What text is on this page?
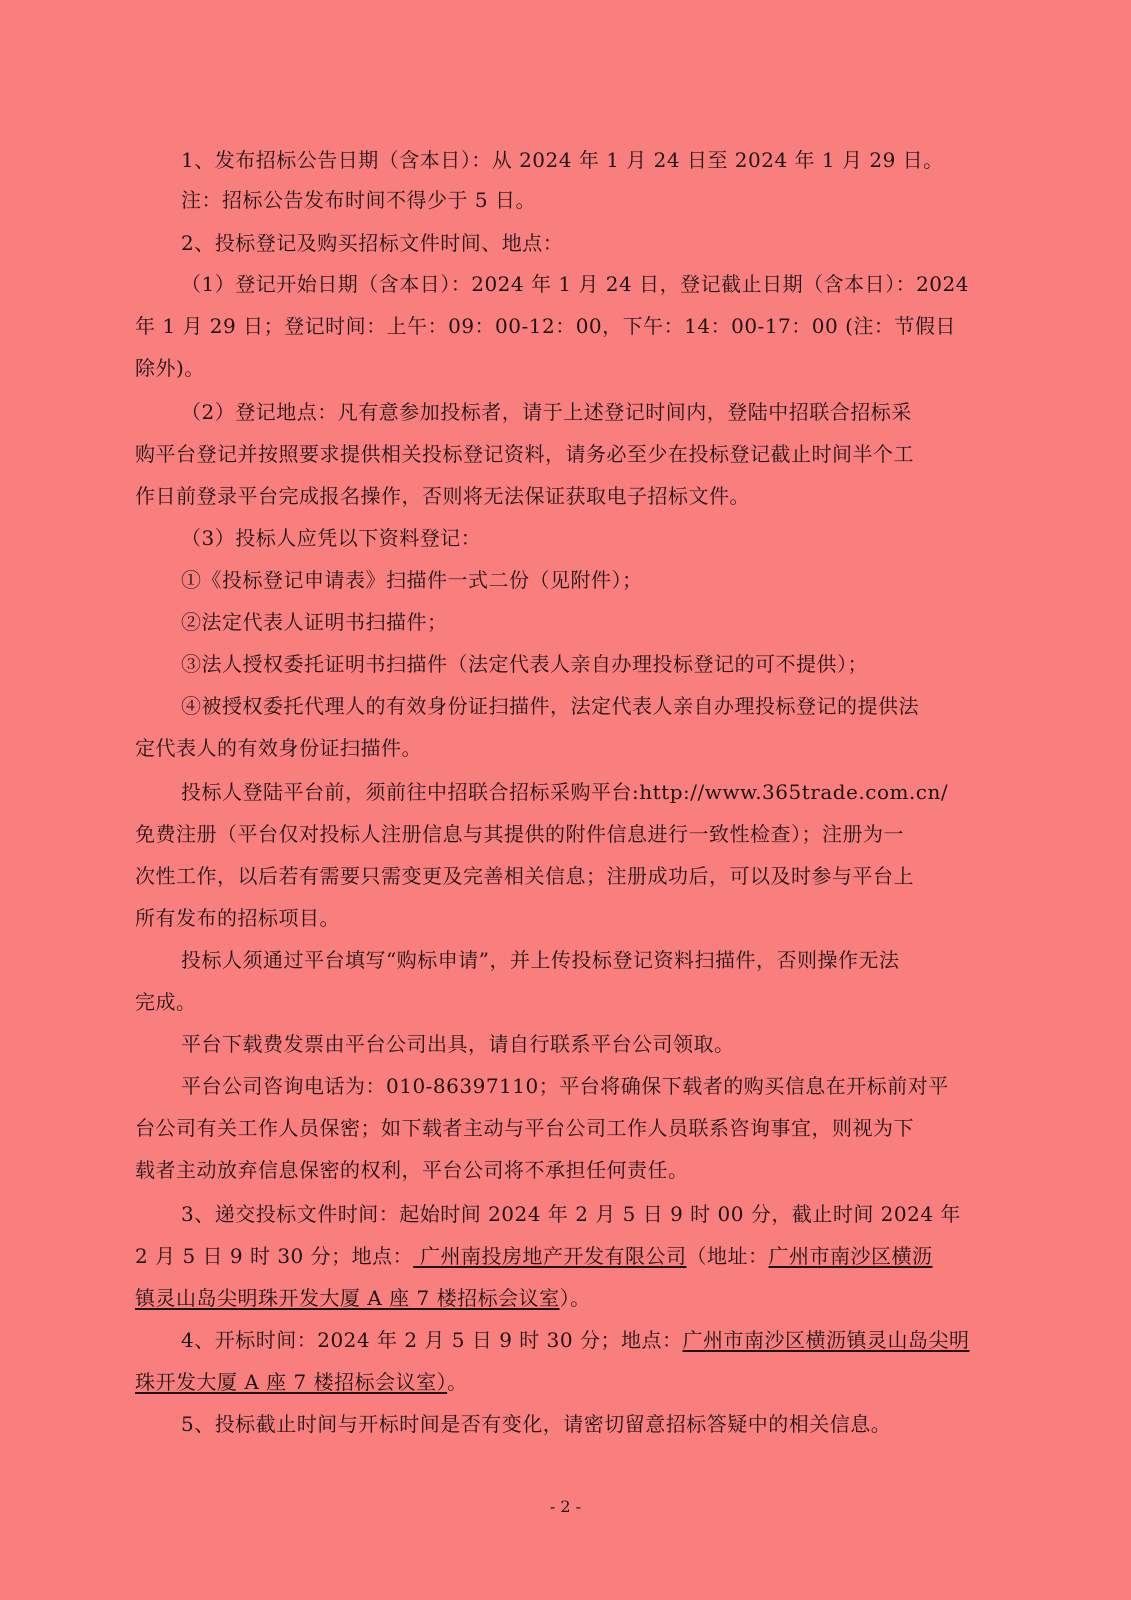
1、发布招标公告日期（含本日）：从 2024 年 1 月 24 日至 2024 年 1 月 29 日。
注：招标公告发布时间不得少于 5 日。
2、投标登记及购买招标文件时间、地点：
（1）登记开始日期（含本日）：2024 年 1 月 24 日，登记截止日期（含本日）：2024
年 1 月 29 日；登记时间：上午：09：00-12：00，下午：14：00-17：00 (注：节假日
除外)。
（2）登记地点：凡有意参加投标者，请于上述登记时间内，登陆中招联合招标采
购平台登记并按照要求提供相关投标登记资料，请务必至少在投标登记截止时间半个工
作日前登录平台完成报名操作，否则将无法保证获取电子招标文件。
（3）投标人应凭以下资料登记：
①《投标登记申请表》扫描件一式二份（见附件）；
②法定代表人证明书扫描件；
③法人授权委托证明书扫描件（法定代表人亲自办理投标登记的可不提供）；
④被授权委托代理人的有效身份证扫描件，法定代表人亲自办理投标登记的提供法
定代表人的有效身份证扫描件。
投标人登陆平台前，须前往中招联合招标采购平台:http://www.365trade.com.cn/
免费注册（平台仅对投标人注册信息与其提供的附件信息进行一致性检查）；注册为一
次性工作，以后若有需要只需变更及完善相关信息；注册成功后，可以及时参与平台上
所有发布的招标项目。
投标人须通过平台填写“购标申请”，并上传投标登记资料扫描件，否则操作无法
完成。
平台下载费发票由平台公司出具，请自行联系平台公司领取。
平台公司咨询电话为：010-86397110；平台将确保下载者的购买信息在开标前对平
台公司有关工作人员保密；如下载者主动与平台公司工作人员联系咨询事宜，则视为下
载者主动放弃信息保密的权利，平台公司将不承担任何责任。
3、递交投标文件时间：起始时间 2024 年 2 月 5 日 9 时 00 分，截止时间 2024 年
2 月 5 日 9 时 30 分；地点： 广州南投房地产开发有限公司（地址：广州市南沙区横沥
镇灵山岛尖明珠开发大厦 A 座 7 楼招标会议室）。
4、开标时间：2024 年 2 月 5 日 9 时 30 分；地点：广州市南沙区横沥镇灵山岛尖明
珠开发大厦 A 座 7 楼招标会议室）。
5、投标截止时间与开标时间是否有变化，请密切留意招标答疑中的相关信息。
- 2 -
